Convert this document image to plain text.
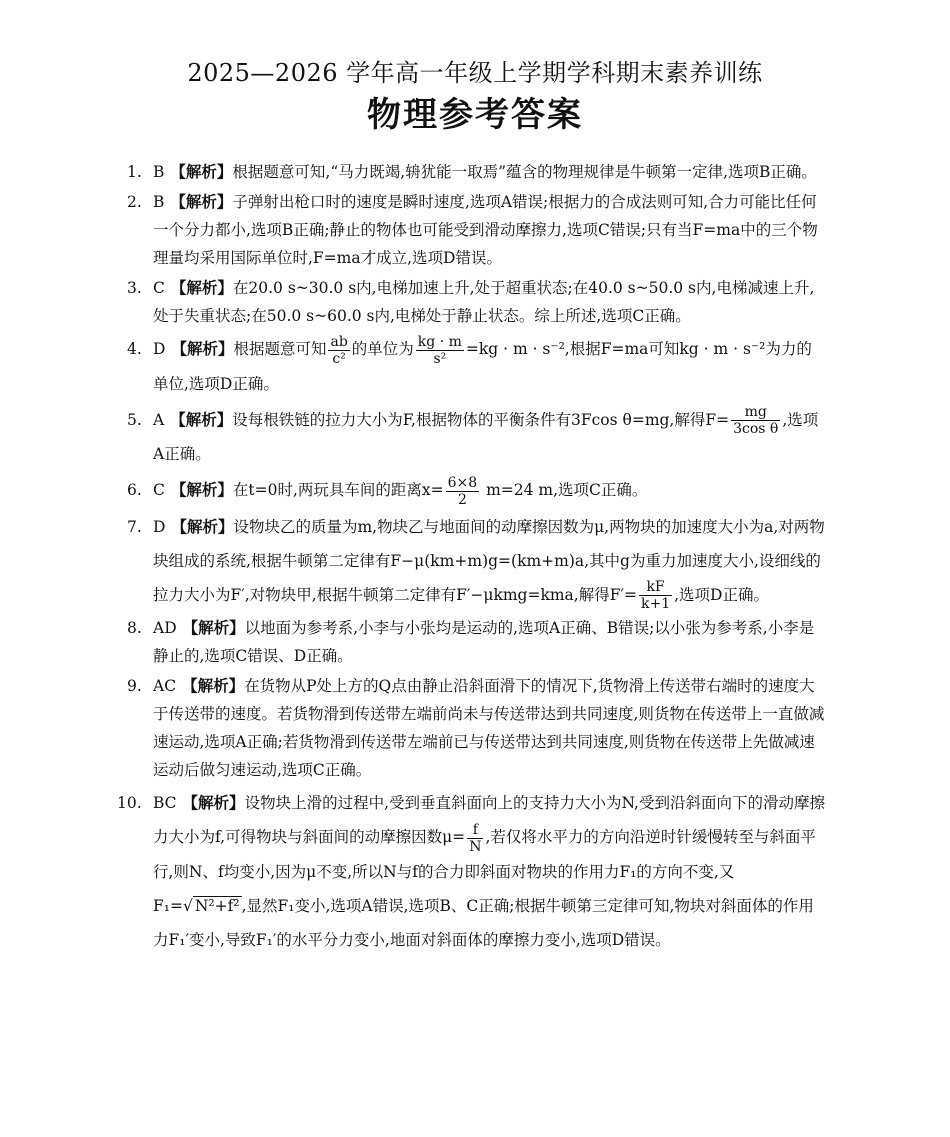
2025—2026 学年高一年级上学期学科期末素养训练
物理参考答案
1. B 【解析】根据题意可知,“马力既竭,辀犹能一取焉”蕴含的物理规律是牛顿第一定律,选项B正确。
2. B 【解析】子弹射出枪口时的速度是瞬时速度,选项A错误;根据力的合成法则可知,合力可能比任何一个分力都小,选项B正确;静止的物体也可能受到滑动摩擦力,选项C错误;只有当F=ma中的三个物理量均采用国际单位时,F=ma才成立,选项D错误。
3. C 【解析】在20.0 s~30.0 s内,电梯加速上升,处于超重状态;在40.0 s~50.0 s内,电梯减速上升,处于失重状态;在50.0 s~60.0 s内,电梯处于静止状态。综上所述,选项C正确。
4. D 【解析】根据题意可知 $\frac{ab}{\text{c²}}$ 的单位为 $\frac{kg \cdot m}{\text{s²}} =kg \cdot m \cdot s^{-2}$,根据F=ma可知kg · m · s⁻²为力的单位,选项D正确。
5. A 【解析】设每根铁链的拉力大小为F,根据物体的平衡条件有3Fcos θ=mg,解得$F= \frac{mg}{\text{3cos θ}}$ ,选项A正确。
6. C 【解析】在t=0时,两玩具车间的距离$x= \frac{6\times 8}{2} m=24$ m,选项C正确。
7. D 【解析】设物块乙的质量为m,物块乙与地面间的动摩擦因数为μ,两物块的加速度大小为a,对两物块组成的系统,根据牛顿第二定律有F−μ(km+m)g=(km+m)a,其中g为重力加速度大小,设细线的拉力大小为F′,对物块甲,根据牛顿第二定律有F′−μkmg=kma,解得$F'= \frac{kF}{k+1}$ ,选项D正确。
8. AD 【解析】以地面为参考系,小李与小张均是运动的,选项A正确、B错误;以小张为参考系,小李是静止的,选项C错误、D正确。
9. AC 【解析】在货物从P处上方的Q点由静止沿斜面滑下的情况下,货物滑上传送带右端时的速度大于传送带的速度。若货物滑到传送带左端前尚未与传送带达到共同速度,则货物在传送带上一直做减速运动,选项A正确;若货物滑到传送带左端前已与传送带达到共同速度,则货物在传送带上先做减速运动后做匀速运动,选项C正确。
10. BC 【解析】设物块上滑的过程中,受到垂直斜面向上的支持力大小为N,受到沿斜面向下的滑动摩擦力大小为f,可得物块与斜面间的动摩擦因数$\mu= \frac{f}{N}$ ,若仅将水平力的方向沿逆时针缓慢转至与斜面平行,则N、f均变小,因为μ不变,所以N与f的合力即斜面对物块的作用力F₁的方向不变,又F₁=√ N²+f² ,显然F₁变小,选项A错误,选项B、C正确;根据牛顿第三定律可知,物块对斜面体的作用力F₁′变小,导致F₁′的水平分力变小,地面对斜面体的摩擦力变小,选项D错误。
